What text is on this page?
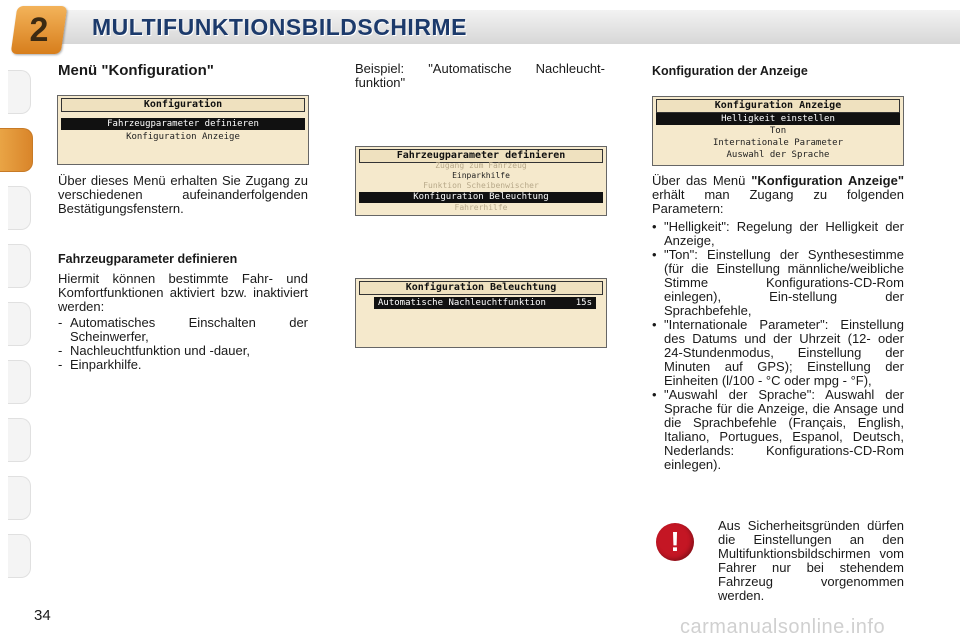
2	MULTIFUNKTIONSBILDSCHIRME
Menü "Konfiguration"
Konfiguration
Fahrzeugparameter definieren
Konfiguration Anzeige

Über dieses Menü erhalten Sie Zugang zu verschiedenen aufeinanderfolgenden Bestätigungsfenstern.

Fahrzeugparameter definieren

Hiermit können bestimmte Fahr- und Komfortfunktionen aktiviert bzw. inaktiviert werden:

- Automatisches Einschalten der Scheinwerfer,
- Nachleuchtfunktion und -dauer,
- Einparkhilfe.

Beispiel: "Automatische Nachleucht-funktion"

Fahrzeugparameter definieren
Zugang zum Fahrzeug
Einparkhilfe
Funktion Scheibenwischer
Konfiguration Beleuchtung
Fahrerhilfe
Konfiguration Beleuchtung
Automatische Nachleuchtfunktion	15s
Konfiguration der Anzeige
Konfiguration Anzeige
Helligkeit einstellen
Ton
Internationale Parameter
Auswahl der Sprache

Über das Menü "Konfiguration Anzeige" erhält man Zugang zu folgenden Parametern:

• "Helligkeit": Regelung der Helligkeit der Anzeige,
• "Ton": Einstellung der Synthesestimme (für die Einstellung männliche/weibliche Stimme Konfigurations-CD-Rom einlegen), Ein-stellung der Sprachbefehle,
• "Internationale Parameter": Einstellung des Datums und der Uhrzeit (12- oder 24-Stundenmodus, Einstellung der Minuten auf GPS); Einstellung der Einheiten (l/100 - °C oder mpg - °F),
• "Auswahl der Sprache": Auswahl der Sprache für die Anzeige, die Ansage und die Sprachbefehle (Français, English, Italiano, Portugues, Espanol, Deutsch, Nederlands: Konfigurations-CD-Rom einlegen).
!

Aus Sicherheitsgründen dürfen die Einstellungen an den Multifunktionsbildschirmen vom Fahrer nur bei stehendem Fahrzeug vorgenommen werden.

34
carmanualsonline.info
